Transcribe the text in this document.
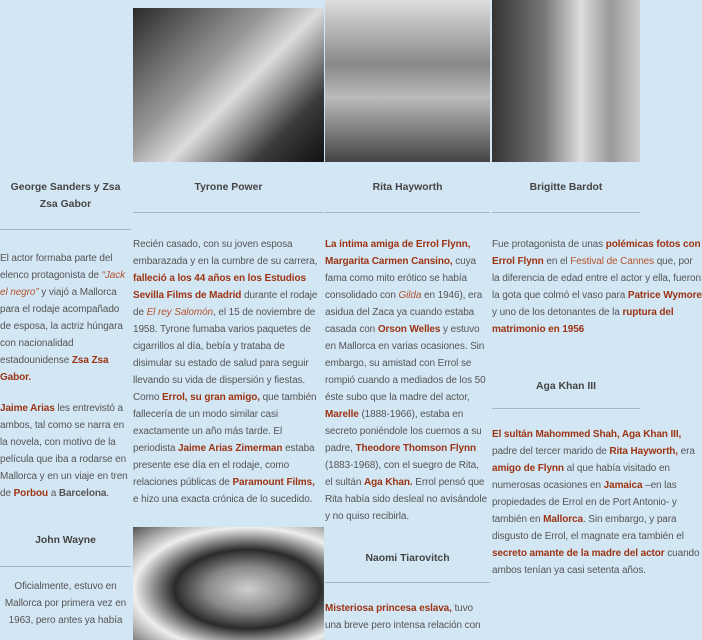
George Sanders y Zsa Zsa Gabor

El actor formaba parte del elenco protagonista de “Jack el negro” y viajó a Mallorca para el rodaje acompañado de esposa, la actriz húngara con nacionalidad estadounidense Zsa Zsa Gabor.

Jaime Arias les entrevistó a ambos, tal como se narra en la novela, con motivo de la película que iba a rodarse en Mallorca y en un viaje en tren de Porbou a Barcelona.

John Wayne

Oficialmente, estuvo en Mallorca por primera vez en 1963, pero antes ya había

Tyrone Power

Recién casado, con su joven esposa embarazada y en la cumbre de su carrera, falleció a los 44 años en los Estudios Sevilla Films de Madrid durante el rodaje de El rey Salomón, el 15 de noviembre de 1958. Tyrone fumaba varios paquetes de cigarrillos al día, bebía y trataba de disimular su estado de salud para seguir llevando su vida de dispersión y fiestas. Como Errol, su gran amigo, que también fallecería de un modo similar casi exactamente un año más tarde. El periodista Jaime Arias Zimerman estaba presente ese día en el rodaje, como relaciones públicas de Paramount Films, e hizo una exacta crónica de lo sucedido.

Rita Hayworth

La íntima amiga de Errol Flynn, Margarita Carmen Cansino, cuya fama como mito erótico se había consolidado con Gilda en 1946), era asidua del Zaca ya cuando estaba casada con Orson Welles y estuvo en Mallorca en varias ocasiones. Sin embargo, su amistad con Errol se rompió cuando a mediados de los 50 éste subo que la madre del actor, Marelle (1888-1966), estaba en secreto poniéndole los cuernos a su padre, Theodore Thomson Flynn (1883-1968), con el suegro de Rita, el sultán Aga Khan. Errol pensó que Rita había sido desleal no avisándole y no quiso recibirla.

Naomi Tiarovitch

Misteriosa princesa eslava, tuvo una breve pero intensa relación con

Brigitte Bardot

Fue protagonista de unas polémicas fotos con Errol Flynn en el Festival de Cannes que, por la diferencia de edad entre el actor y ella, fueron la gota que colmó el vaso para Patrice Wymore y uno de los detonantes de la ruptura del matrimonio en 1956

Aga Khan III

El sultán Mahommed Shah, Aga Khan III, padre del tercer marido de Rita Hayworth, era amigo de Flynn al que había visitado en numerosas ocasiones en Jamaica –en las propiedades de Errol en de Port Antonio- y también en Mallorca. Sin embargo, y para disgusto de Errol, el magnate era también el secreto amante de la madre del actor cuando ambos tenían ya casi setenta años.
